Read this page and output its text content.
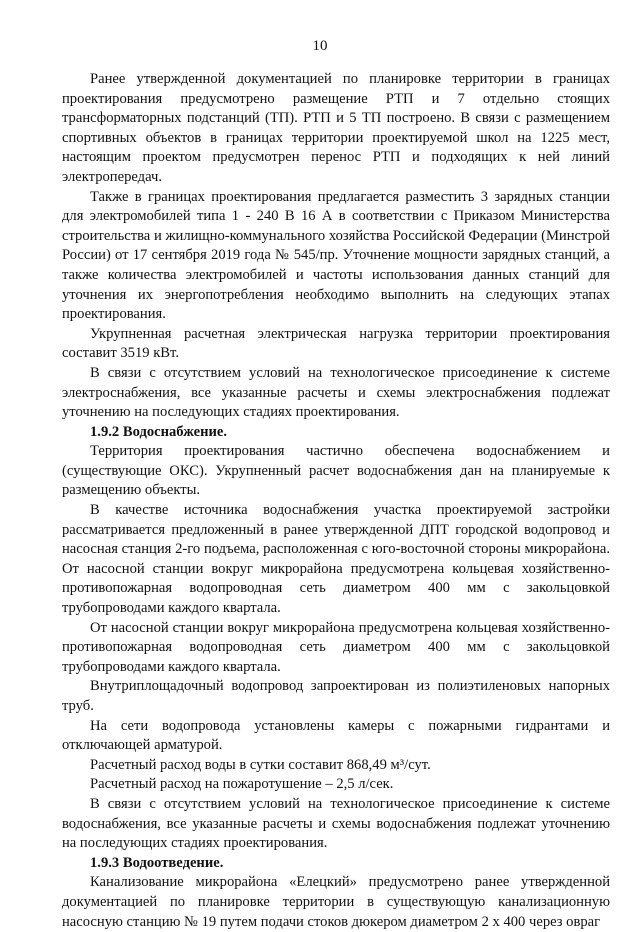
10

Ранее утвержденной документацией по планировке территории в границах проектирования предусмотрено размещение РТП и 7 отдельно стоящих трансформаторных подстанций (ТП). РТП и 5 ТП построено. В связи с размещением спортивных объектов в границах территории проектируемой школ на 1225 мест, настоящим проектом предусмотрен перенос РТП и подходящих к ней линий электропередач.

Также в границах проектирования предлагается разместить 3 зарядных станции для электромобилей типа 1 - 240 В 16 А в соответствии с Приказом Министерства строительства и жилищно-коммунального хозяйства Российской Федерации (Минстрой России) от 17 сентября 2019 года № 545/пр. Уточнение мощности зарядных станций, а также количества электромобилей и частоты использования данных станций для уточнения их энергопотребления необходимо выполнить на следующих этапах проектирования.

Укрупненная расчетная электрическая нагрузка территории проектирования составит 3519 кВт.

В связи с отсутствием условий на технологическое присоединение к системе электроснабжения, все указанные расчеты и схемы электроснабжения подлежат уточнению на последующих стадиях проектирования.

1.9.2 Водоснабжение.

Территория проектирования частично обеспечена водоснабжением и (существующие ОКС). Укрупненный расчет водоснабжения дан на планируемые к размещению объекты.

В качестве источника водоснабжения участка проектируемой застройки рассматривается предложенный в ранее утвержденной ДПТ городской водопровод и насосная станция 2-го подъема, расположенная с юго-восточной стороны микрорайона. От насосной станции вокруг микрорайона предусмотрена кольцевая хозяйственно-противопожарная водопроводная сеть диаметром 400 мм с закольцовкой трубопроводами каждого квартала.

От насосной станции вокруг микрорайона предусмотрена кольцевая хозяйственно-противопожарная водопроводная сеть диаметром 400 мм с закольцовкой трубопроводами каждого квартала.

Внутриплощадочный водопровод запроектирован из полиэтиленовых напорных труб.

На сети водопровода установлены камеры с пожарными гидрантами и отключающей арматурой.

Расчетный расход воды в сутки составит 868,49 м³/сут.

Расчетный расход на пожаротушение – 2,5 л/сек.

В связи с отсутствием условий на технологическое присоединение к системе водоснабжения, все указанные расчеты и схемы водоснабжения подлежат уточнению на последующих стадиях проектирования.

1.9.3 Водоотведение.

Канализование микрорайона «Елецкий» предусмотрено ранее утвержденной документацией по планировке территории в существующую канализационную насосную станцию № 19 путем подачи стоков дюкером диаметром 2 х 400 через овраг
